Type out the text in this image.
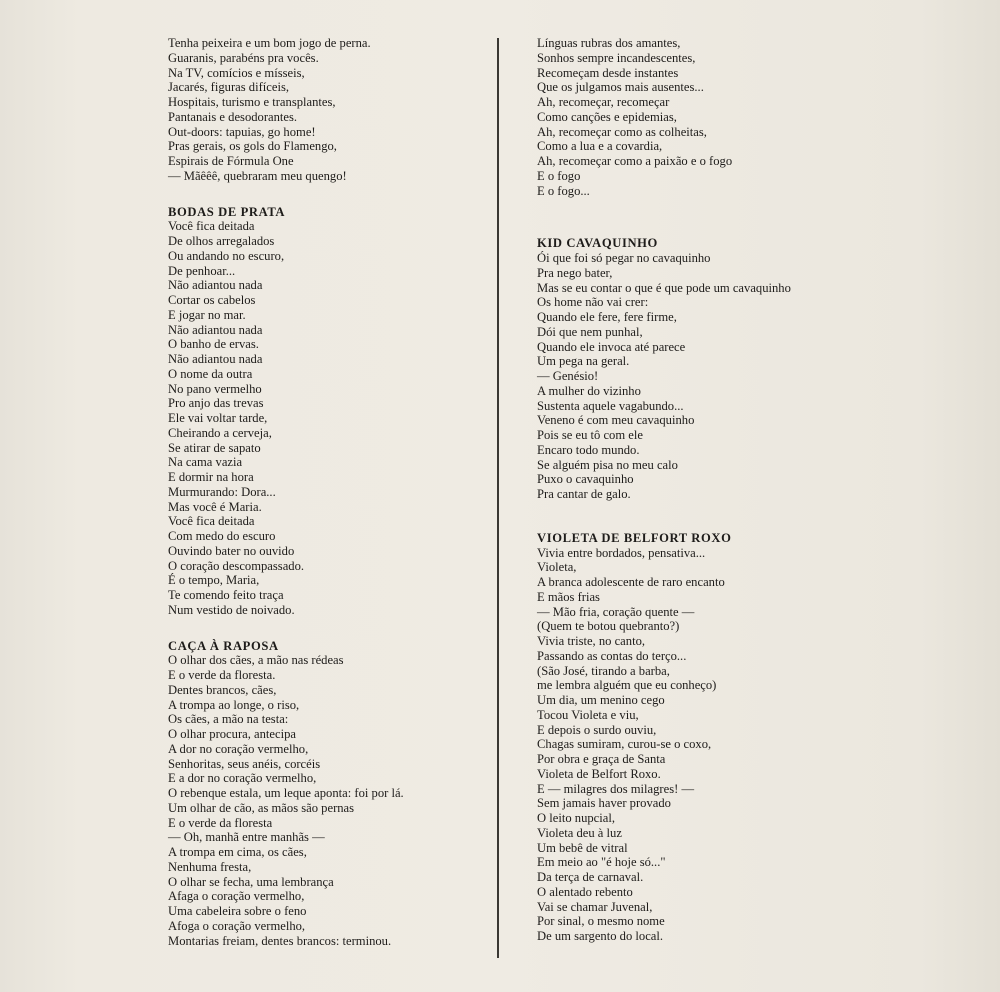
Tenha peixeira e um bom jogo de perna.
Guaranis, parabéns pra vocês.
Na TV, comícios e mísseis,
Jacarés, figuras difíceis,
Hospitais, turismo e transplantes,
Pantanais e desodorantes.
Out-doors: tapuias, go home!
Pras gerais, os gols do Flamengo,
Espirais de Fórmula One
— Mãêêê, quebraram meu quengo!
BODAS DE PRATA
Você fica deitada
De olhos arregalados
Ou andando no escuro,
De penhoar...
Não adiantou nada
Cortar os cabelos
E jogar no mar.
Não adiantou nada
O banho de ervas.
Não adiantou nada
O nome da outra
No pano vermelho
Pro anjo das trevas
Ele vai voltar tarde,
Cheirando a cerveja,
Se atirar de sapato
Na cama vazia
E dormir na hora
Murmurando: Dora...
Mas você é Maria.
Você fica deitada
Com medo do escuro
Ouvindo bater no ouvido
O coração descompassado.
É o tempo, Maria,
Te comendo feito traça
Num vestido de noivado.
CAÇA À RAPOSA
O olhar dos cães, a mão nas rédeas
E o verde da floresta.
Dentes brancos, cães,
A trompa ao longe, o riso,
Os cães, a mão na testa:
O olhar procura, antecipa
A dor no coração vermelho,
Senhoritas, seus anéis, corcéis
E a dor no coração vermelho,
O rebenque estala, um leque aponta: foi por lá.
Um olhar de cão, as mãos são pernas
E o verde da floresta
— Oh, manhã entre manhãs —
A trompa em cima, os cães,
Nenhuma fresta,
O olhar se fecha, uma lembrança
Afaga o coração vermelho,
Uma cabeleira sobre o feno
Afoga o coração vermelho,
Montarias freiam, dentes brancos: terminou.
Línguas rubras dos amantes,
Sonhos sempre incandescentes,
Recomeçam desde instantes
Que os julgamos mais ausentes...
Ah, recomeçar, recomeçar
Como canções e epidemias,
Ah, recomeçar como as colheitas,
Como a lua e a covardia,
Ah, recomeçar como a paixão e o fogo
E o fogo
E o fogo...
KID CAVAQUINHO
Ói que foi só pegar no cavaquinho
Pra nego bater,
Mas se eu contar o que é que pode um cavaquinho
Os home não vai crer:
Quando ele fere, fere firme,
Dói que nem punhal,
Quando ele invoca até parece
Um pega na geral.
— Genésio!
A mulher do vizinho
Sustenta aquele vagabundo...
Veneno é com meu cavaquinho
Pois se eu tô com ele
Encaro todo mundo.
Se alguém pisa no meu calo
Puxo o cavaquinho
Pra cantar de galo.
VIOLETA DE BELFORT ROXO
Vivia entre bordados, pensativa...
Violeta,
A branca adolescente de raro encanto
E mãos frias
— Mão fria, coração quente —
(Quem te botou quebranto?)
Vivia triste, no canto,
Passando as contas do terço...
(São José, tirando a barba,
me lembra alguém que eu conheço)
Um dia, um menino cego
Tocou Violeta e viu,
E depois o surdo ouviu,
Chagas sumiram, curou-se o coxo,
Por obra e graça de Santa
Violeta de Belfort Roxo.
E — milagres dos milagres! —
Sem jamais haver provado
O leito nupcial,
Violeta deu à luz
Um bebê de vitral
Em meio ao "é hoje só..."
Da terça de carnaval.
O alentado rebento
Vai se chamar Juvenal,
Por sinal, o mesmo nome
De um sargento do local.
